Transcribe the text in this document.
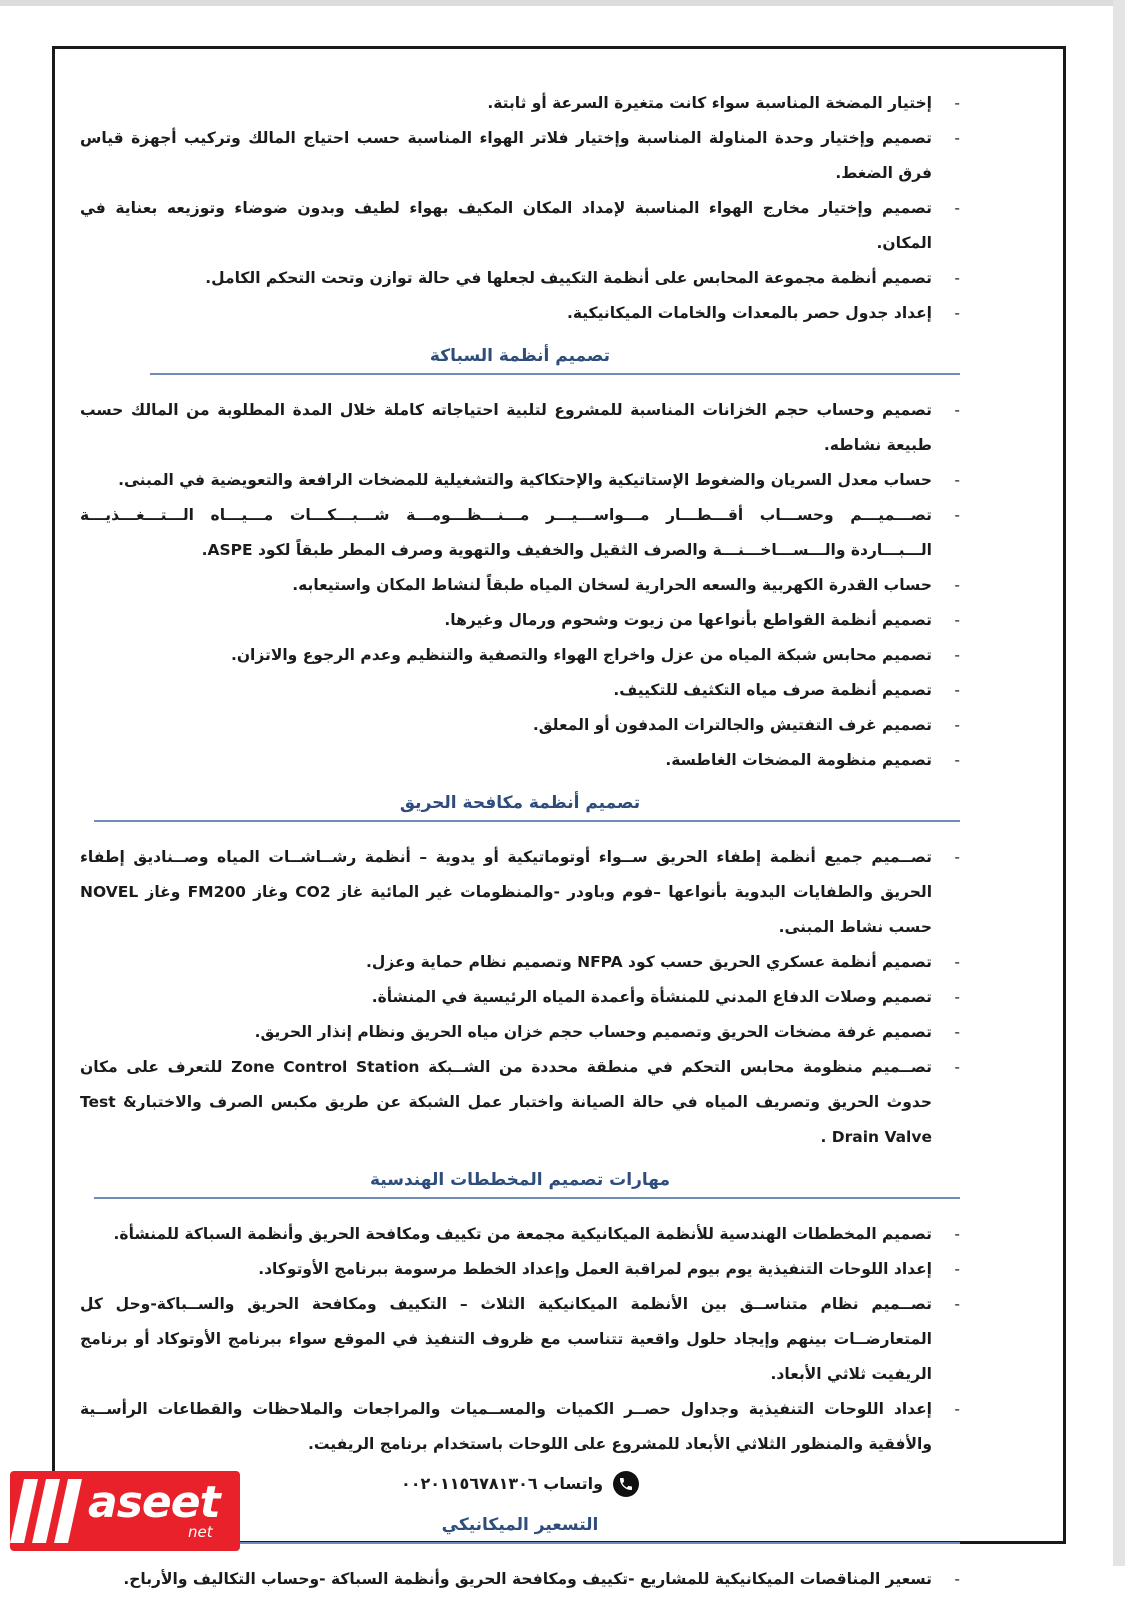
- إختيار المضخة المناسبة سواء كانت متغيرة السرعة أو ثابتة.
- تصميم وإختيار وحدة المناولة المناسبة وإختيار فلاتر الهواء المناسبة حسب احتياج المالك وتركيب أجهزة قياس فرق الضغط.
- تصميم وإختيار مخارج الهواء المناسبة لإمداد المكان المكيف بهواء لطيف وبدون ضوضاء وتوزيعه بعناية في المكان.
- تصميم أنظمة مجموعة المحابس على أنظمة التكييف لجعلها في حالة توازن وتحت التحكم الكامل.
- إعداد جدول حصر بالمعدات والخامات الميكانيكية.
تصميم أنظمة السباكة
- تصميم وحساب حجم الخزانات المناسبة للمشروع لتلبية احتياجاته كاملة خلال المدة المطلوبة من المالك حسب طبيعة نشاطه.
- حساب معدل السريان والضغوط الإستاتيكية والإحتكاكية والتشغيلية للمضخات الرافعة والتعويضية في المبنى.
- تصـــميـــم وحســـاب أقـــطـــار مـــواســـيـــر مـــنـــظـــومـــة شـــبـــكـــات مـــيـــاه الـــتـــغـــذيـــة الـــبـــاردة والـــســـاخـــنـــة والصرف الثقيل والخفيف والتهوية وصرف المطر طبقاً لكود ASPE.
- حساب القدرة الكهربية والسعه الحرارية لسخان المياه طبقاً لنشاط المكان واستيعابه.
- تصميم أنظمة القواطع بأنواعها من زيوت وشحوم ورمال وغيرها.
- تصميم محابس شبكة المياه من عزل واخراج الهواء والتصفية والتنظيم وعدم الرجوع والاتزان.
- تصميم أنظمة صرف مياه التكثيف للتكييف.
- تصميم غرف التفتيش والجالترات المدفون أو المعلق.
- تصميم منظومة المضخات الغاطسة.
تصميم أنظمة مكافحة الحريق
- تصــميم جميع أنظمة إطفاء الحريق ســواء أوتوماتيكية أو يدوية – أنظمة رشــاشــات المياه وصــناديق إطفاء الحريق والطفايات اليدوية بأنواعها –فوم وباودر -والمنظومات غير المائية غاز CO2 وغاز FM200 وغاز NOVEL حسب نشاط المبنى.
- تصميم أنظمة عسكري الحريق حسب كود NFPA وتصميم نظام حماية وعزل.
- تصميم وصلات الدفاع المدني للمنشأة وأعمدة المياه الرئيسية في المنشأة.
- تصميم غرفة مضخات الحريق وتصميم وحساب حجم خزان مياه الحريق ونظام إنذار الحريق.
- تصــميم منظومة محابس التحكم في منطقة محددة من الشــبكة Zone Control Station للتعرف على مكان حدوث الحريق وتصريف المياه في حالة الصيانة واختبار عمل الشبكة عن طريق مكبس الصرف والاختبارTest & Drain Valve .
مهارات تصميم المخططات الهندسية
- تصميم المخططات الهندسية للأنظمة الميكانيكية مجمعة من تكييف ومكافحة الحريق وأنظمة السباكة للمنشأة.
- إعداد اللوحات التنفيذية يوم بيوم لمراقبة العمل وإعداد الخطط مرسومة ببرنامج الأوتوكاد.
- تصــميم نظام متناســق بين الأنظمة الميكانيكية الثلاث – التكييف ومكافحة الحريق والســباكة-وحل كل المتعارضــات بينهم وإيجاد حلول واقعية تتناسب مع ظروف التنفيذ في الموقع سواء ببرنامج الأوتوكاد أو برنامج الريفيت ثلاثي الأبعاد.
- إعداد اللوحات التنفيذية وجداول حصــر الكميات والمســميات والمراجعات والملاحظات والقطاعات الرأســية والأفقية والمنظور الثلاثي الأبعاد للمشروع على اللوحات باستخدام برنامج الريفيت.
واتساب ٠٠٢٠١١٥٦٧٨١٣٠٦
التسعير الميكانيكي
- تسعير المناقصات الميكانيكية للمشاريع -تكييف ومكافحة الحريق وأنظمة السباكة -وحساب التكاليف والأرباح.
aseet
net
